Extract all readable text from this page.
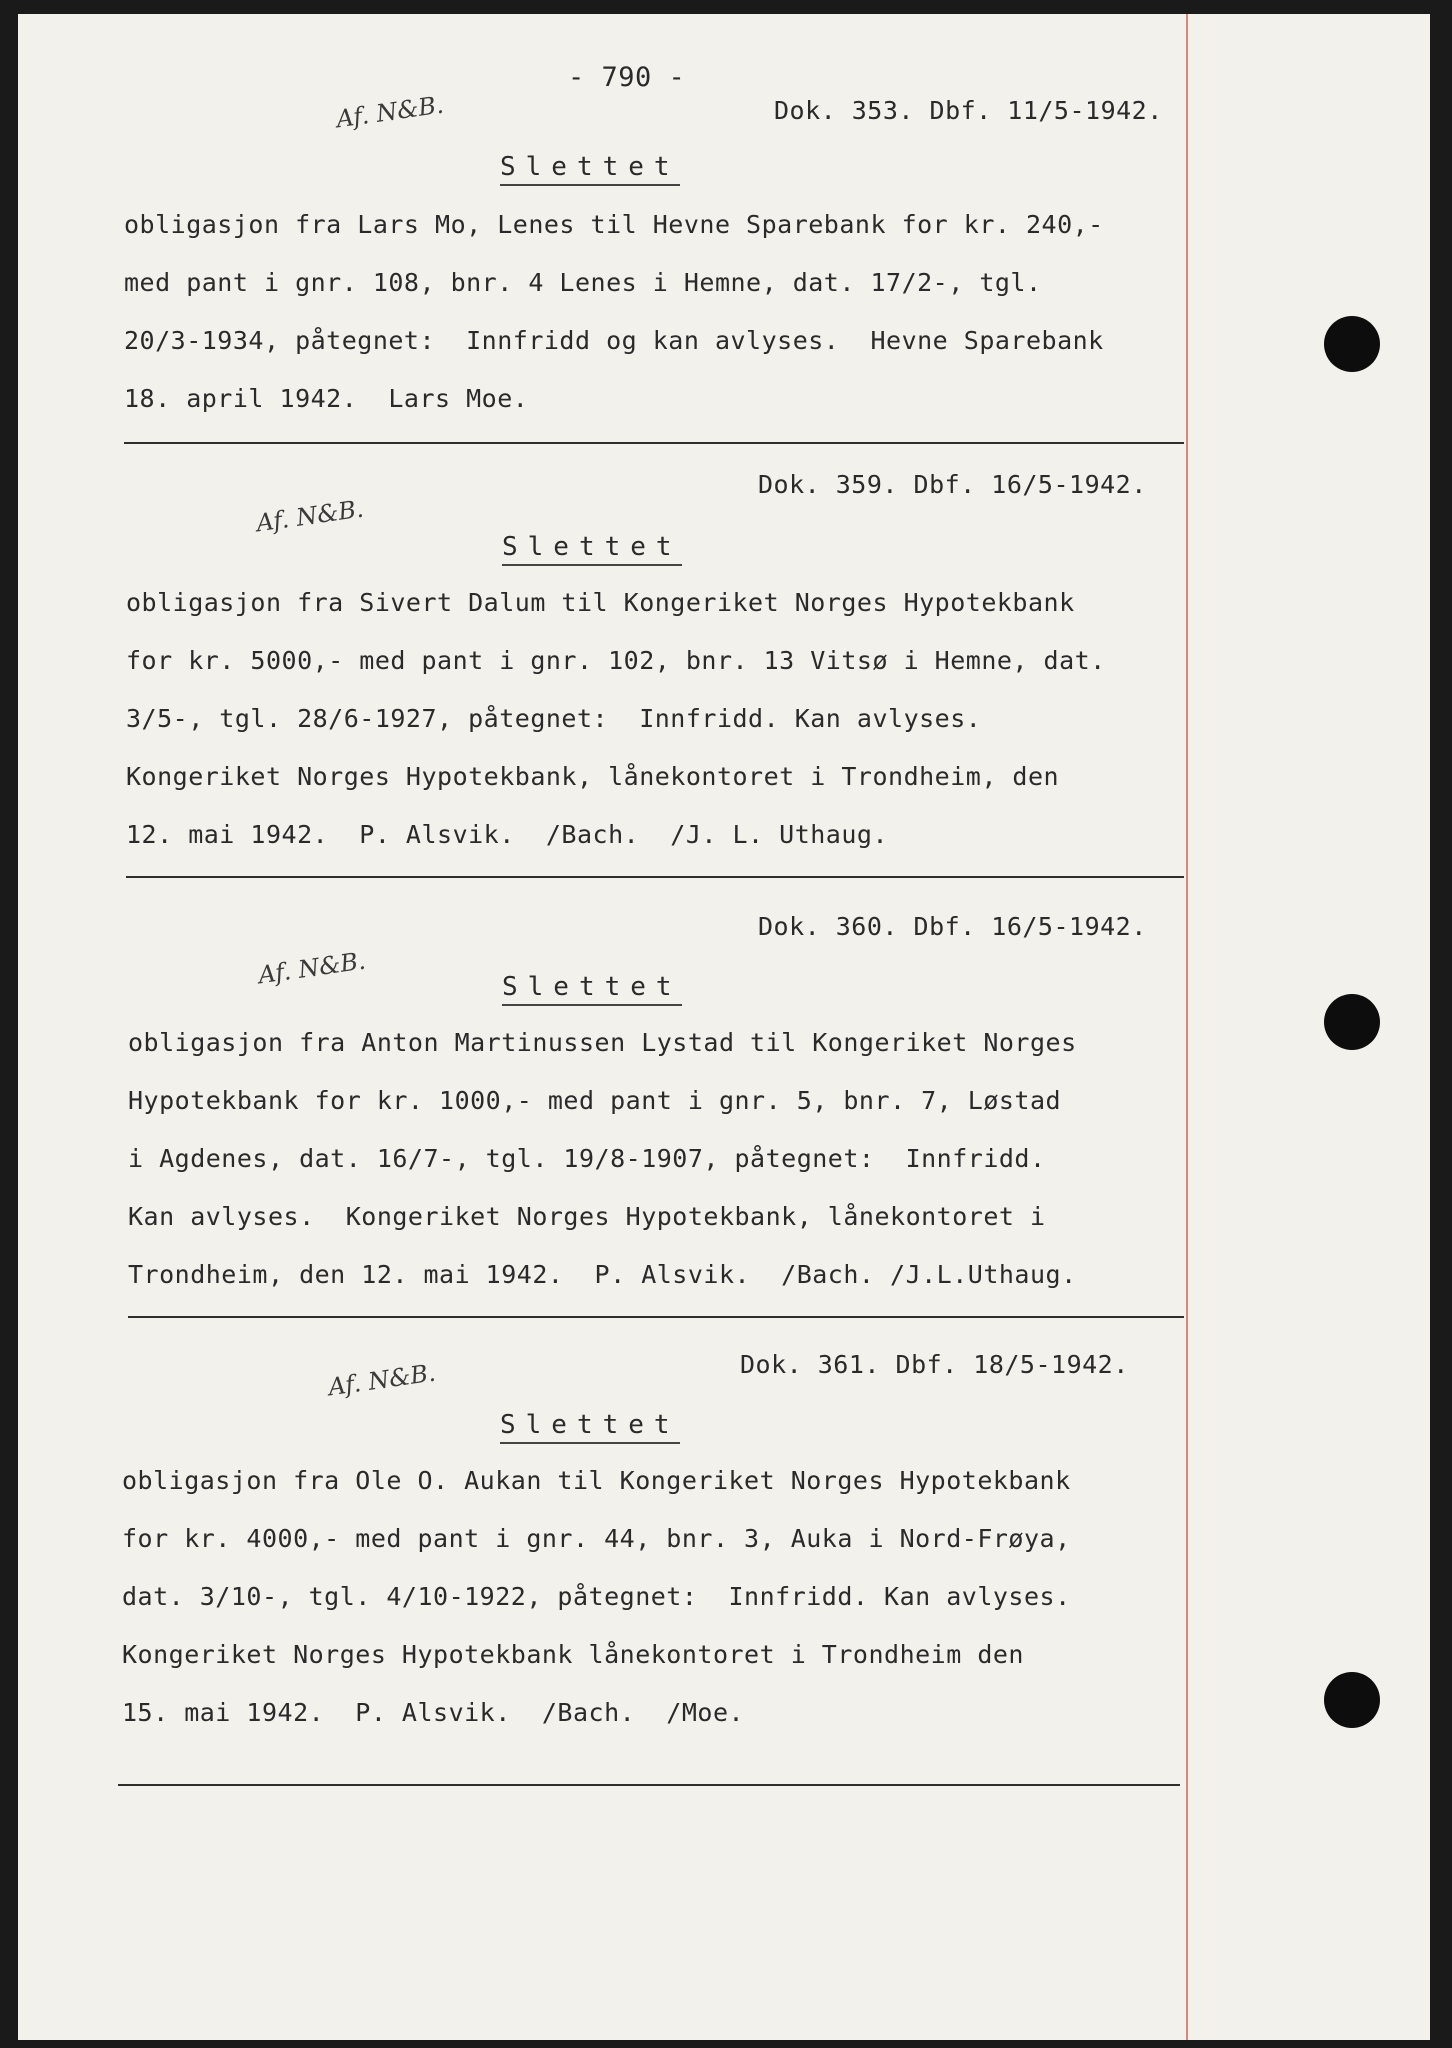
- 790 -
Dok. 353. Dbf. 11/5-1942.
Af. N&B.
Slettet
obligasjon fra Lars Mo, Lenes til Hevne Sparebank for kr. 240,-
med pant i gnr. 108, bnr. 4 Lenes i Hemne, dat. 17/2-, tgl.
20/3-1934, påtegnet:  Innfridd og kan avlyses.  Hevne Sparebank
18. april 1942.  Lars Moe.
Dok. 359. Dbf. 16/5-1942.
Af. N&B.
Slettet
obligasjon fra Sivert Dalum til Kongeriket Norges Hypotekbank
for kr. 5000,- med pant i gnr. 102, bnr. 13 Vitsø i Hemne, dat.
3/5-, tgl. 28/6-1927, påtegnet:  Innfridd. Kan avlyses.
Kongeriket Norges Hypotekbank, lånekontoret i Trondheim, den
12. mai 1942.  P. Alsvik.  /Bach.  /J. L. Uthaug.
Dok. 360. Dbf. 16/5-1942.
Af. N&B.	Slettet
obligasjon fra Anton Martinussen Lystad til Kongeriket Norges
Hypotekbank for kr. 1000,- med pant i gnr. 5, bnr. 7, Løstad
i Agdenes, dat. 16/7-, tgl. 19/8-1907, påtegnet:  Innfridd.
Kan avlyses.  Kongeriket Norges Hypotekbank, lånekontoret i
Trondheim, den 12. mai 1942.  P. Alsvik.  /Bach. /J.L.Uthaug.
Dok. 361. Dbf. 18/5-1942.
Af. N&B.
Slettet
obligasjon fra Ole O. Aukan til Kongeriket Norges Hypotekbank
for kr. 4000,- med pant i gnr. 44, bnr. 3, Auka i Nord-Frøya,
dat. 3/10-, tgl. 4/10-1922, påtegnet:  Innfridd. Kan avlyses.
Kongeriket Norges Hypotekbank lånekontoret i Trondheim den
15. mai 1942.  P. Alsvik.  /Bach.  /Moe.
